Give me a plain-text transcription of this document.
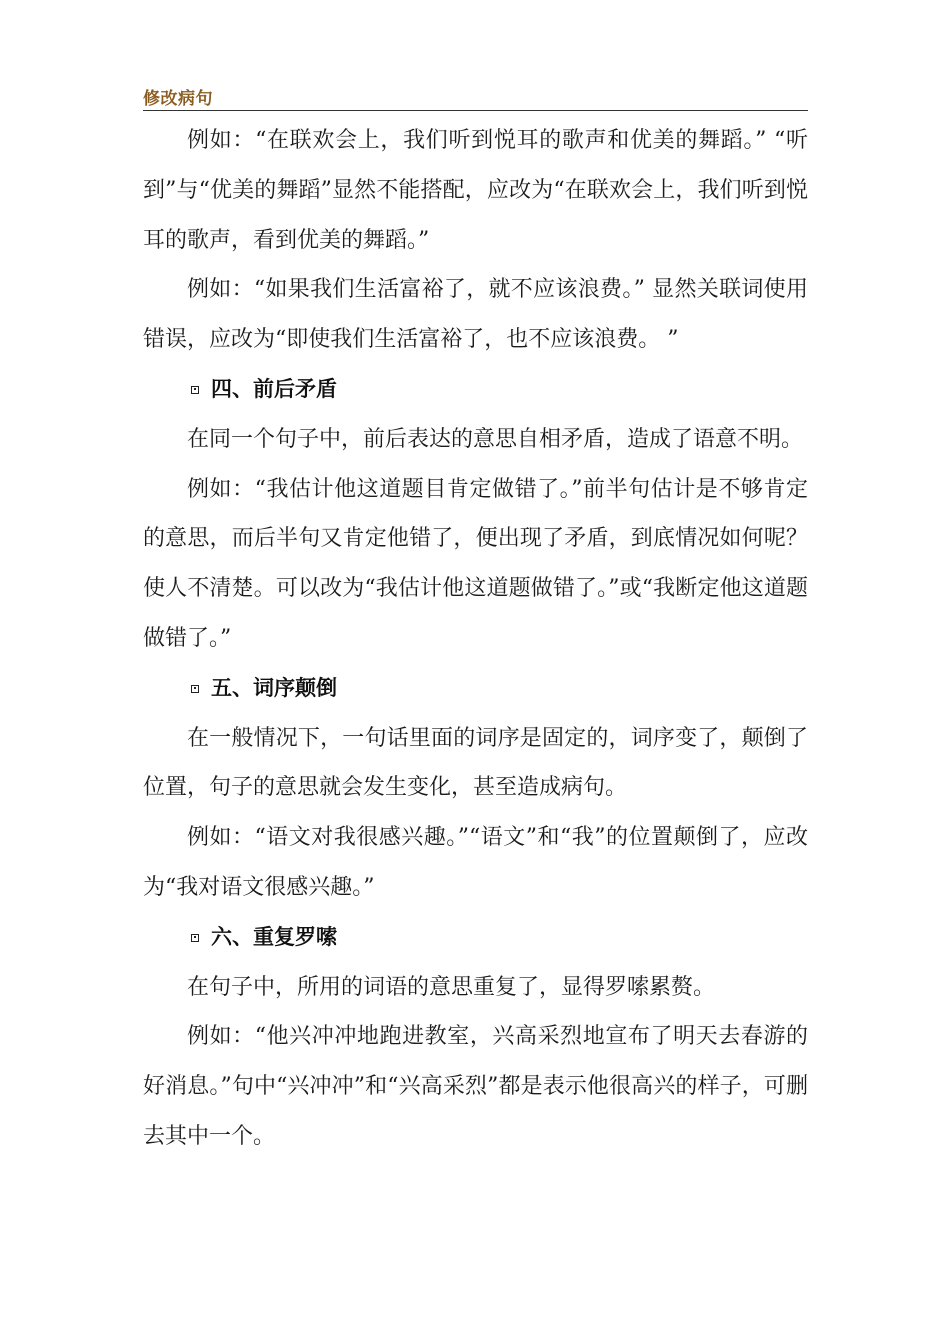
修改病句

例如：“在联欢会上，我们听到悦耳的歌声和优美的舞蹈。” “听到”与“优美的舞蹈”显然不能搭配，应改为“在联欢会上，我们听到悦耳的歌声，看到优美的舞蹈。”

例如：“如果我们生活富裕了，就不应该浪费。” 显然关联词使用错误，应改为“即使我们生活富裕了，也不应该浪费。 ”

四、前后矛盾

在同一个句子中，前后表达的意思自相矛盾，造成了语意不明。

例如：“我估计他这道题目肯定做错了。”前半句估计是不够肯定的意思，而后半句又肯定他错了，便出现了矛盾，到底情况如何呢？使人不清楚。可以改为“我估计他这道题做错了。”或“我断定他这道题做错了。”

五、词序颠倒

在一般情况下，一句话里面的词序是固定的，词序变了，颠倒了位置，句子的意思就会发生变化，甚至造成病句。

例如：“语文对我很感兴趣。”“语文”和“我”的位置颠倒了，应改为“我对语文很感兴趣。”

六、重复罗嗦

在句子中，所用的词语的意思重复了，显得罗嗦累赘。

例如：“他兴冲冲地跑进教室，兴高采烈地宣布了明天去春游的好消息。”句中“兴冲冲”和“兴高采烈”都是表示他很高兴的样子，可删去其中一个。
